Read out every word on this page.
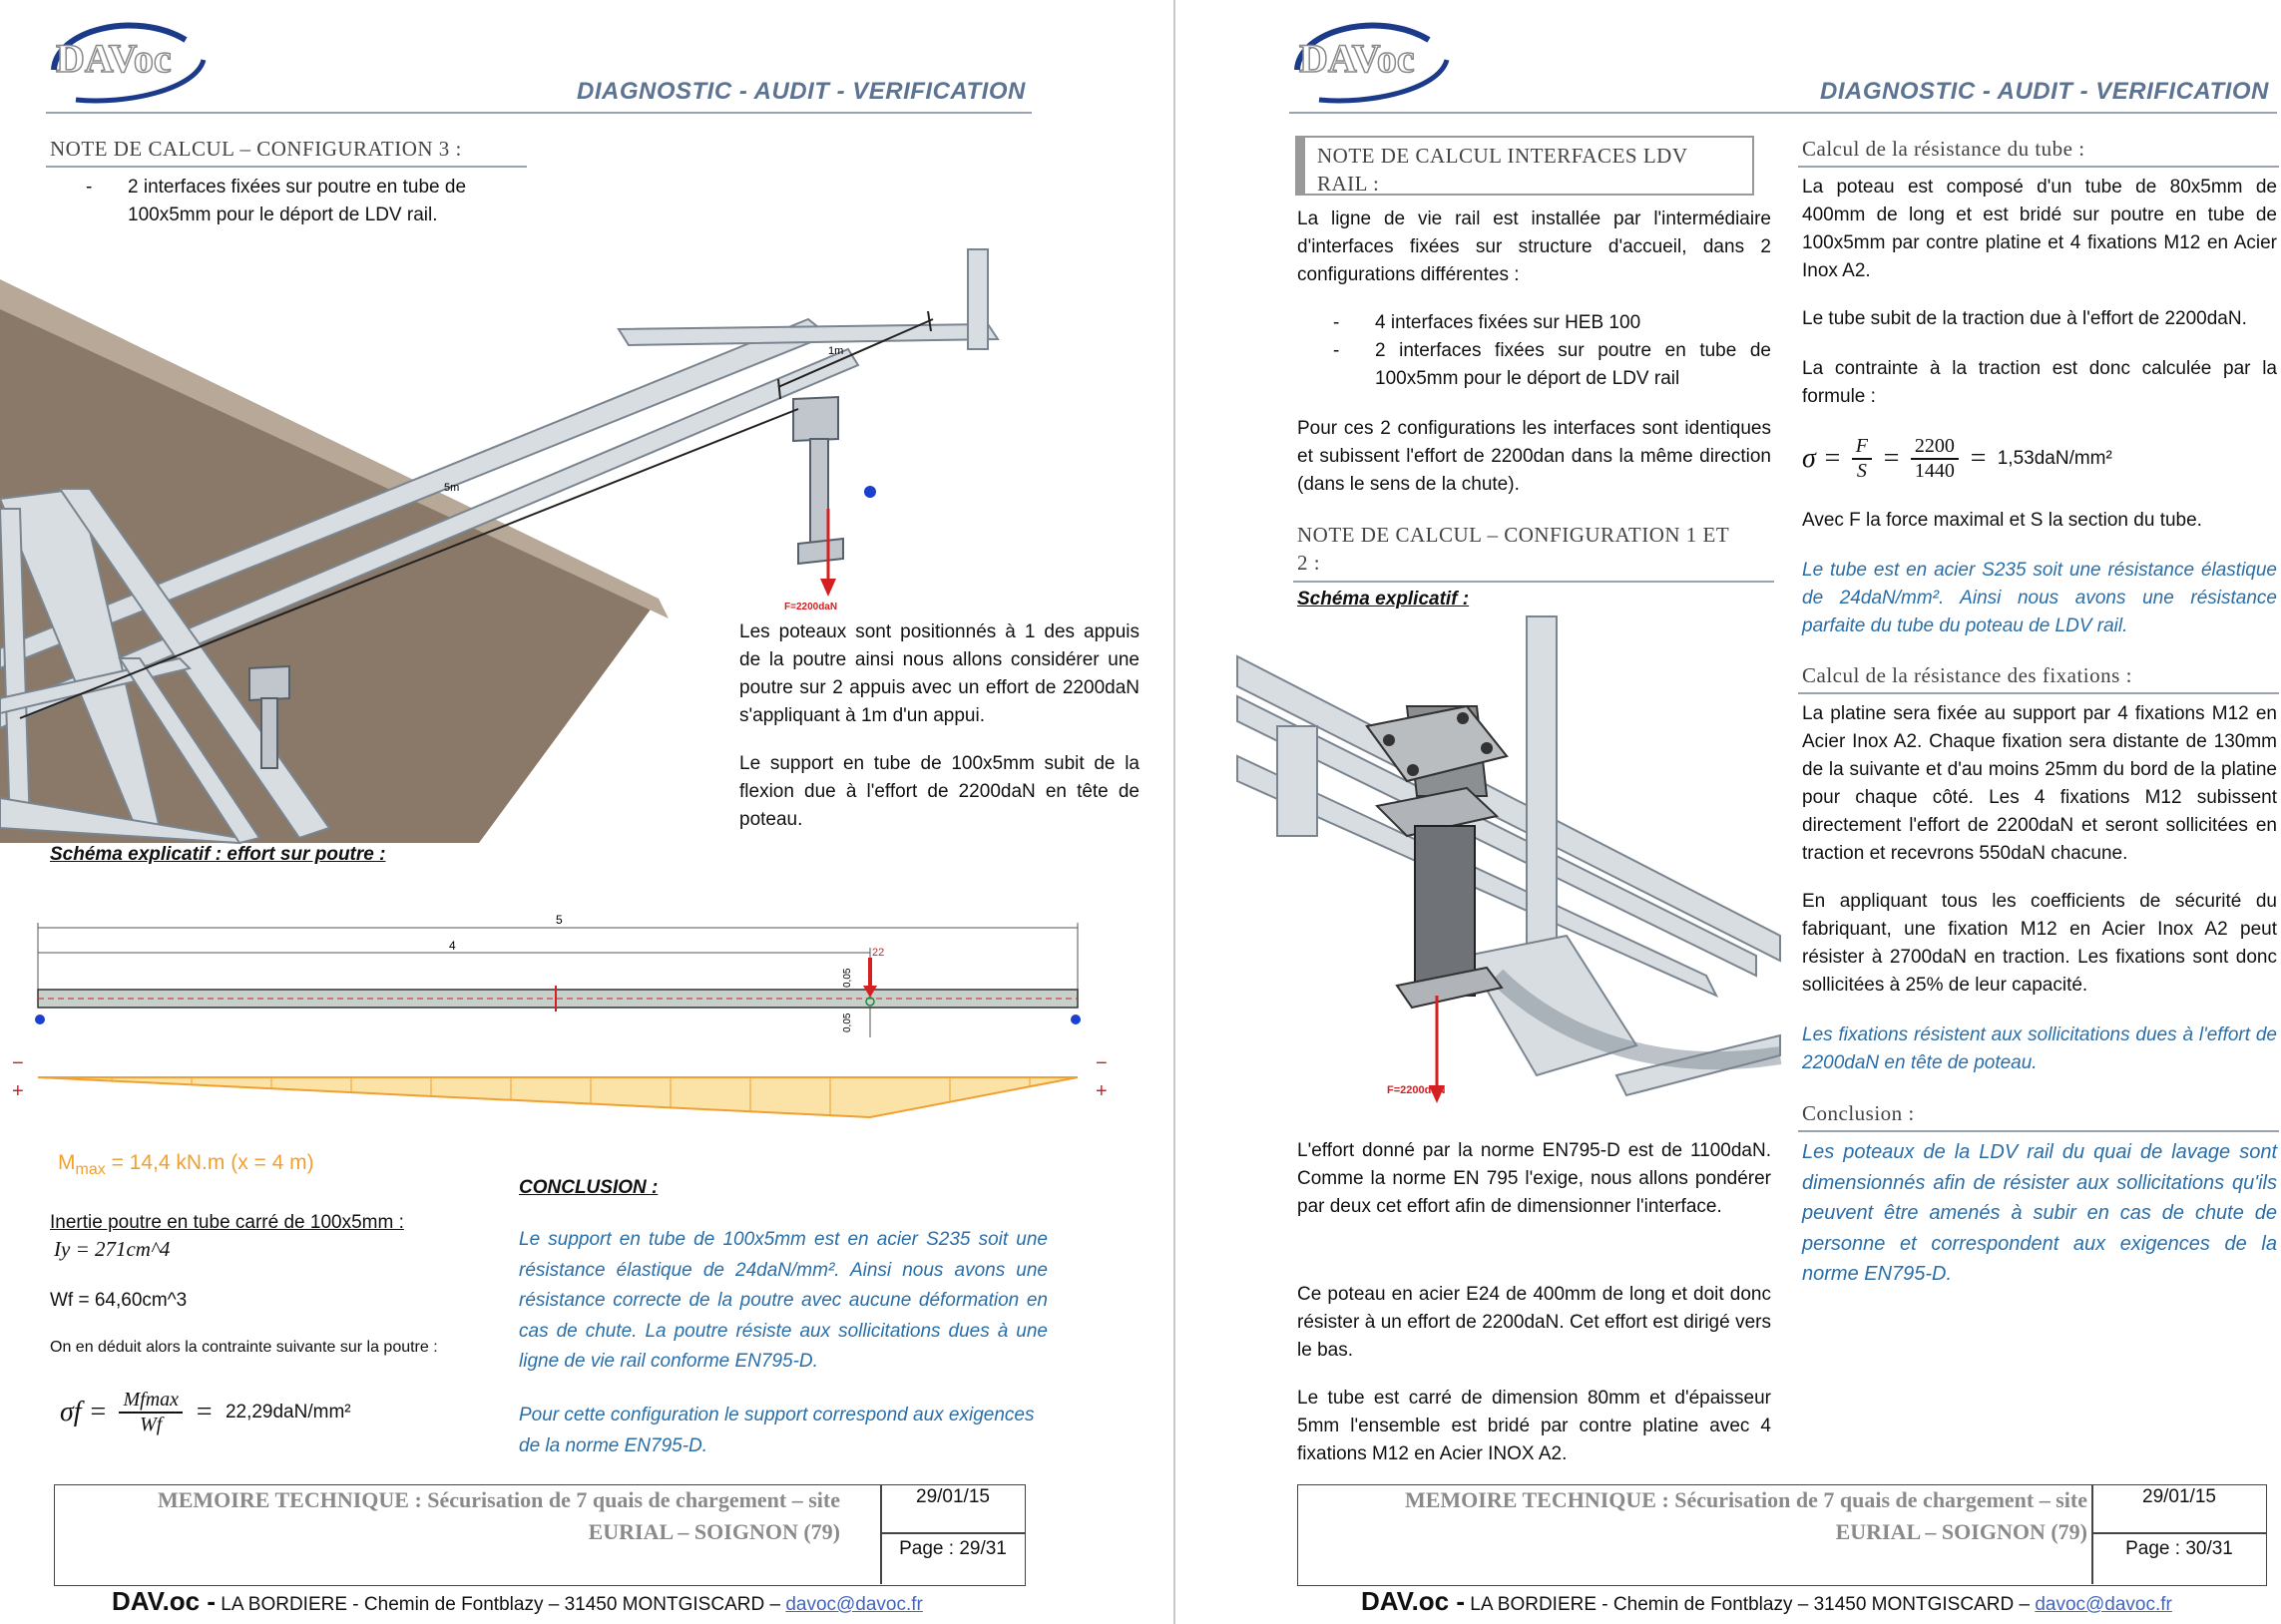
DAVoc
DIAGNOSTIC - AUDIT - VERIFICATION
NOTE DE CALCUL – CONFIGURATION 3 :
- 2 interfaces fixées sur poutre en tube de 100x5mm pour le déport de LDV rail.
1m
5m
F=2200daN
Les poteaux sont positionnés à 1 des appuis de la poutre ainsi nous allons considérer une poutre sur 2 appuis avec un effort de 2200daN s'appliquant à 1m d'un appui.
Le support en tube de 100x5mm subit de la flexion due à l'effort de 2200daN en tête de poteau.
Schéma explicatif : effort sur poutre :
5
4	22
0,05
0,05
−
+
−
+
$M_{max} = 14,4$ kN.m (x = 4 m)
Inertie poutre en tube carré de 100x5mm :
Iy = 271cm^4
Wf = 64,60cm^3
On en déduit alors la contrainte suivante sur la poutre :
$\sigma f = \frac{Mfmax}{Wf} = 22,29daN/mm^2$
CONCLUSION :
Le support en tube de 100x5mm est en acier S235 soit une résistance élastique de 24daN/mm². Ainsi nous avons une résistance correcte de la poutre avec aucune déformation en cas de chute. La poutre résiste aux sollicitations dues à une ligne de vie rail conforme EN795-D.
Pour cette configuration le support correspond aux exigences de la norme EN795-D.
MEMOIRE TECHNIQUE : Sécurisation de 7 quais de chargement – site
EURIAL – SOIGNON (79)
29/01/15
Page : 29/31
DAV.oc - LA BORDIERE - Chemin de Fontblazy – 31450 MONTGISCARD – davoc@davoc.fr
DAVoc
DIAGNOSTIC - AUDIT - VERIFICATION
NOTE DE CALCUL INTERFACES LDV RAIL :
La ligne de vie rail est installée par l'intermédiaire d'interfaces fixées sur structure d'accueil, dans 2 configurations différentes :
- 4 interfaces fixées sur HEB 100
- 2 interfaces fixées sur poutre en tube de 100x5mm pour le déport de LDV rail
Pour ces 2 configurations les interfaces sont identiques et subissent l'effort de 2200dan dans la même direction (dans le sens de la chute).
NOTE DE CALCUL – CONFIGURATION 1 ET 2 :
Schéma explicatif :
F=2200daN
L'effort donné par la norme EN795-D est de 1100daN. Comme la norme EN 795 l'exige, nous allons pondérer par deux cet effort afin de dimensionner l'interface.
Ce poteau en acier E24 de 400mm de long et doit donc résister à un effort de 2200daN. Cet effort est dirigé vers le bas.
Le tube est carré de dimension 80mm et d'épaisseur 5mm l'ensemble est bridé par contre platine avec 4 fixations M12 en Acier INOX A2.
Calcul de la résistance du tube :
La poteau est composé d'un tube de 80x5mm de 400mm de long et est bridé sur poutre en tube de 100x5mm par contre platine et 4 fixations M12 en Acier Inox A2.
Le tube subit de la traction due à l'effort de 2200daN.
La contrainte à la traction est donc calculée par la formule :
$\sigma = \frac{F}{S} = \frac{2200}{1440} = 1,53daN/mm^2$
Avec F la force maximal et S la section du tube.
Le tube est en acier S235 soit une résistance élastique de 24daN/mm². Ainsi nous avons une résistance parfaite du tube du poteau de LDV rail.
Calcul de la résistance des fixations :
La platine sera fixée au support par 4 fixations M12 en Acier Inox A2. Chaque fixation sera distante de 130mm de la suivante et d'au moins 25mm du bord de la platine pour chaque côté. Les 4 fixations M12 subissent directement l'effort de 2200daN et seront sollicitées en traction et recevrons 550daN chacune.
En appliquant tous les coefficients de sécurité du fabriquant, une fixation M12 en Acier Inox A2 peut résister à 2700daN en traction. Les fixations sont donc sollicitées à 25% de leur capacité.
Les fixations résistent aux sollicitations dues à l'effort de 2200daN en tête de poteau.
Conclusion :
Les poteaux de la LDV rail du quai de lavage sont dimensionnés afin de résister aux sollicitations qu'ils peuvent être amenés à subir en cas de chute de personne et correspondent aux exigences de la norme EN795-D.
MEMOIRE TECHNIQUE : Sécurisation de 7 quais de chargement – site
EURIAL – SOIGNON (79)
29/01/15
Page : 30/31
DAV.oc - LA BORDIERE - Chemin de Fontblazy – 31450 MONTGISCARD – davoc@davoc.fr
